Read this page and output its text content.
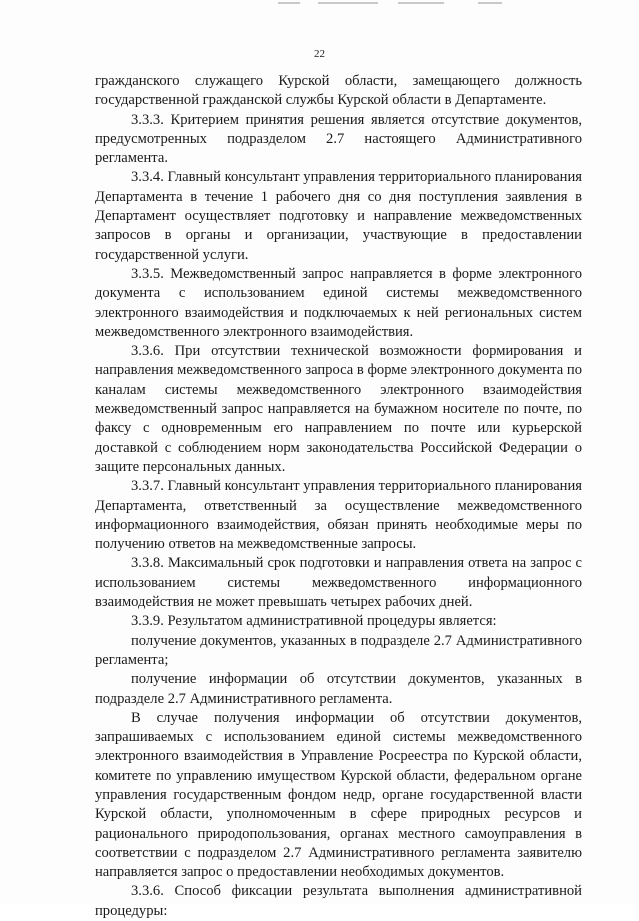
22

гражданского служащего Курской области, замещающего должность государственной гражданской службы Курской области в Департаменте.

3.3.3. Критерием принятия решения является отсутствие документов, предусмотренных подразделом 2.7 настоящего Административного регламента.

3.3.4. Главный консультант управления территориального планирования Департамента в течение 1 рабочего дня со дня поступления заявления в Департамент осуществляет подготовку и направление межведомственных запросов в органы и организации, участвующие в предоставлении государственной услуги.

3.3.5. Межведомственный запрос направляется в форме электронного документа с использованием единой системы межведомственного электронного взаимодействия и подключаемых к ней региональных систем межведомственного электронного взаимодействия.

3.3.6. При отсутствии технической возможности формирования и направления межведомственного запроса в форме электронного документа по каналам системы межведомственного электронного взаимодействия межведомственный запрос направляется на бумажном носителе по почте, по факсу с одновременным его направлением по почте или курьерской доставкой с соблюдением норм законодательства Российской Федерации о защите персональных данных.

3.3.7. Главный консультант управления территориального планирования Департамента, ответственный за осуществление межведомственного информационного взаимодействия, обязан принять необходимые меры по получению ответов на межведомственные запросы.

3.3.8. Максимальный срок подготовки и направления ответа на запрос с использованием системы межведомственного информационного взаимодействия не может превышать четырех рабочих дней.

3.3.9. Результатом административной процедуры является:

получение документов, указанных в подразделе 2.7 Административного регламента;

получение информации об отсутствии документов, указанных в подразделе 2.7 Административного регламента.

В случае получения информации об отсутствии документов, запрашиваемых с использованием единой системы межведомственного электронного взаимодействия в Управление Росреестра по Курской области, комитете по управлению имуществом Курской области, федеральном органе управления государственным фондом недр, органе государственной власти Курской области, уполномоченным в сфере природных ресурсов и рационального природопользования, органах местного самоуправления в соответствии с подразделом 2.7 Административного регламента заявителю направляется запрос о предоставлении необходимых документов.

3.3.6. Способ фиксации результата выполнения административной процедуры:
